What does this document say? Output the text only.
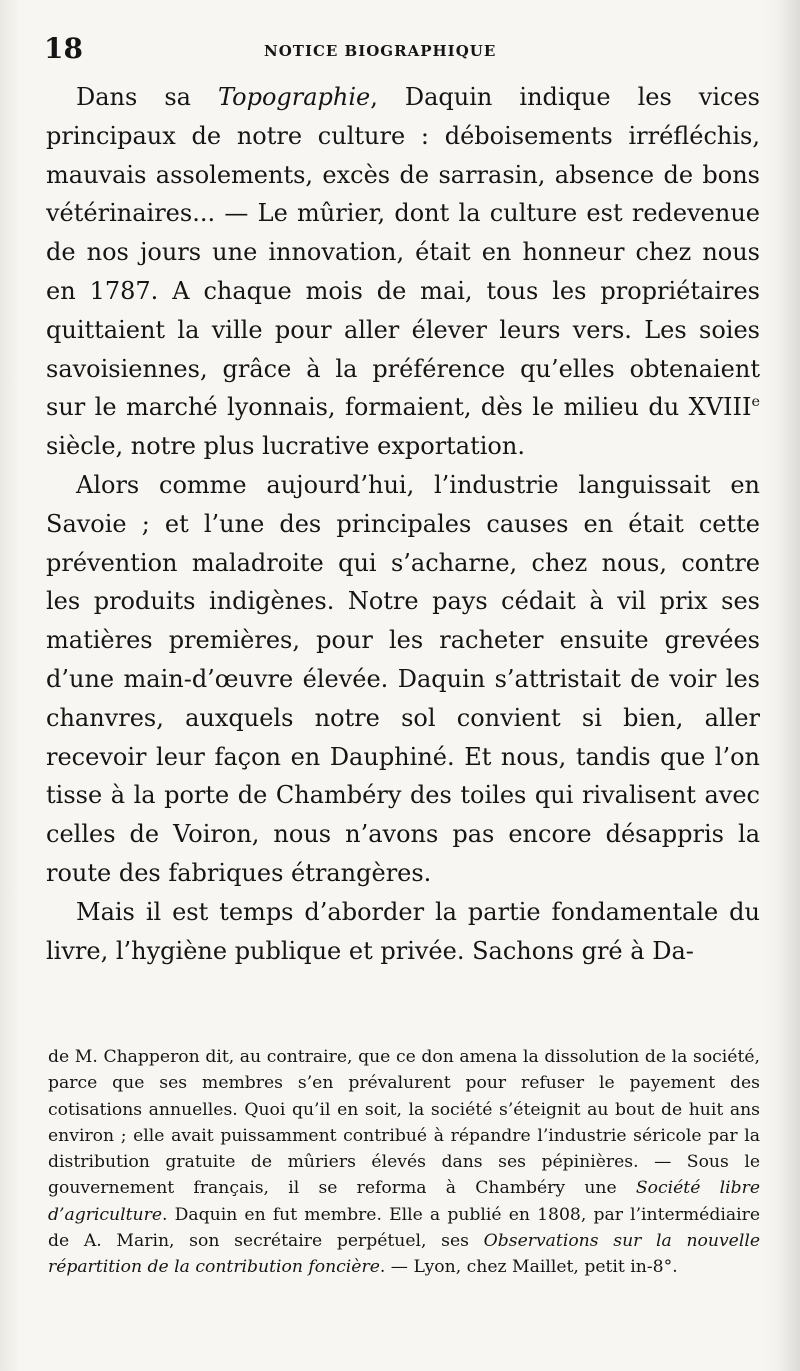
18	NOTICE BIOGRAPHIQUE

Dans sa Topographie, Daquin indique les vices principaux de notre culture : déboisements irréfléchis, mauvais assolements, excès de sarrasin, absence de bons vétérinaires... — Le mûrier, dont la culture est redevenue de nos jours une innovation, était en honneur chez nous en 1787. A chaque mois de mai, tous les propriétaires quittaient la ville pour aller élever leurs vers. Les soies savoisiennes, grâce à la préférence qu’elles obtenaient sur le marché lyonnais, formaient, dès le milieu du XVIIIe siècle, notre plus lucrative exportation.

Alors comme aujourd’hui, l’industrie languissait en Savoie ; et l’une des principales causes en était cette prévention maladroite qui s’acharne, chez nous, contre les produits indigènes. Notre pays cédait à vil prix ses matières premières, pour les racheter ensuite grevées d’une main-d’œuvre élevée. Daquin s’attristait de voir les chanvres, auxquels notre sol convient si bien, aller recevoir leur façon en Dauphiné. Et nous, tandis que l’on tisse à la porte de Chambéry des toiles qui rivalisent avec celles de Voiron, nous n’avons pas encore désappris la route des fabriques étrangères.

Mais il est temps d’aborder la partie fondamentale du livre, l’hygiène publique et privée. Sachons gré à Da-

de M. Chapperon dit, au contraire, que ce don amena la dissolution de la société, parce que ses membres s’en prévalurent pour refuser le payement des cotisations annuelles. Quoi qu’il en soit, la société s’éteignit au bout de huit ans environ ; elle avait puissamment contribué à répandre l’industrie séricole par la distribution gratuite de mûriers élevés dans ses pépinières. — Sous le gouvernement français, il se reforma à Chambéry une Société libre d’agriculture. Daquin en fut membre. Elle a publié en 1808, par l’intermédiaire de A. Marin, son secrétaire perpétuel, ses Observations sur la nouvelle répartition de la contribution foncière. — Lyon, chez Maillet, petit in-8°.
